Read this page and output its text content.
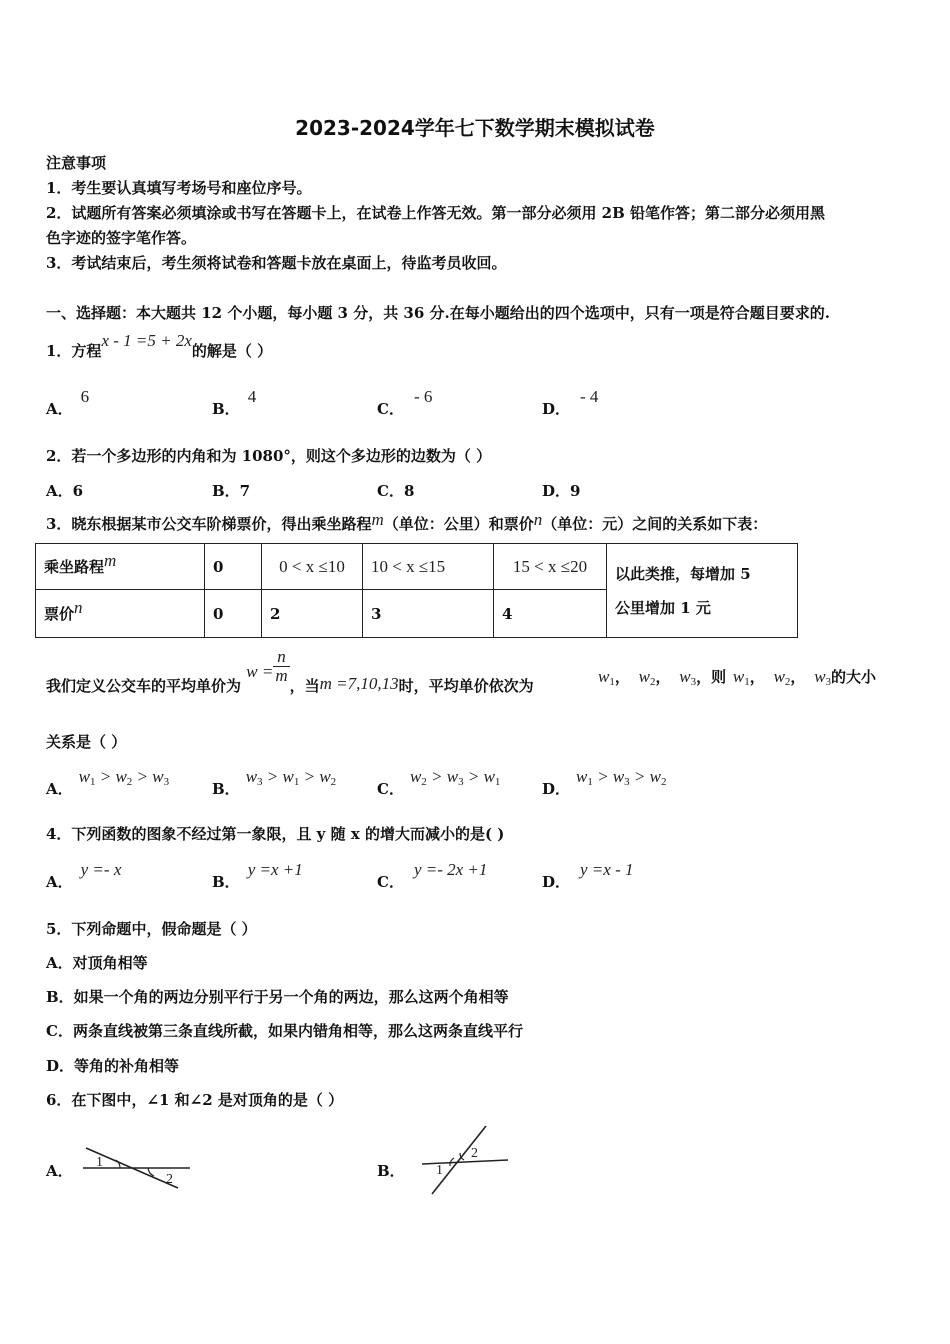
2023-2024学年七下数学期末模拟试卷
注意事项
1．考生要认真填写考场号和座位序号。
2．试题所有答案必须填涂或书写在答题卡上，在试卷上作答无效。第一部分必须用 2B 铅笔作答；第二部分必须用黑
色字迹的签字笔作答。
3．考试结束后，考生须将试卷和答题卡放在桌面上，待监考员收回。
一、选择题：本大题共 12 个小题，每小题 3 分，共 36 分.在每小题给出的四个选项中，只有一项是符合题目要求的.
1．方程x - 1 =5 + 2x的解是（ ）
A．6
B．4
C．- 6
D．- 4
2．若一个多边形的内角和为 1080°，则这个多边形的边数为（ ）
A．6	B．7	C．8	D．9
3．晓东根据某市公交车阶梯票价，得出乘坐路程m（单位：公里）和票价n（单位：元）之间的关系如下表：
乘坐路程m	0	0 < x ≤10	10 < x ≤15	15 < x ≤20	以此类推，每增加 5
公里增加 1 元
票价n	0	2	3	4	
我们定义公交车的平均单价为 $w = \frac{n}{m}$
，当m =7,10,13时，平均单价依次为	$w_1$， $w_2$， $w_3$，则 $w_1$， $w_2$， $w_3$的大小
关系是（ ）
A．$w_1 > w_2 > w_3$	B．$w_3 > w_1 > w_2$	C．$w_2 > w_3 > w_1$	D．$w_1 > w_3 > w_2$
4．下列函数的图象不经过第一象限，且 y 随 x 的增大而减小的是( )
A．y =- x
B．y =x +1
C．y =- 2x +1
D．y =x - 1
5．下列命题中，假命题是（ ）
A．对顶角相等
B．如果一个角的两边分别平行于另一个角的两边，那么这两个角相等
C．两条直线被第三条直线所截，如果内错角相等，那么这两条直线平行
D．等角的补角相等
6．在下图中，∠1 和∠2 是对顶角的是（ ）
A．	B．
1
2
1
2
